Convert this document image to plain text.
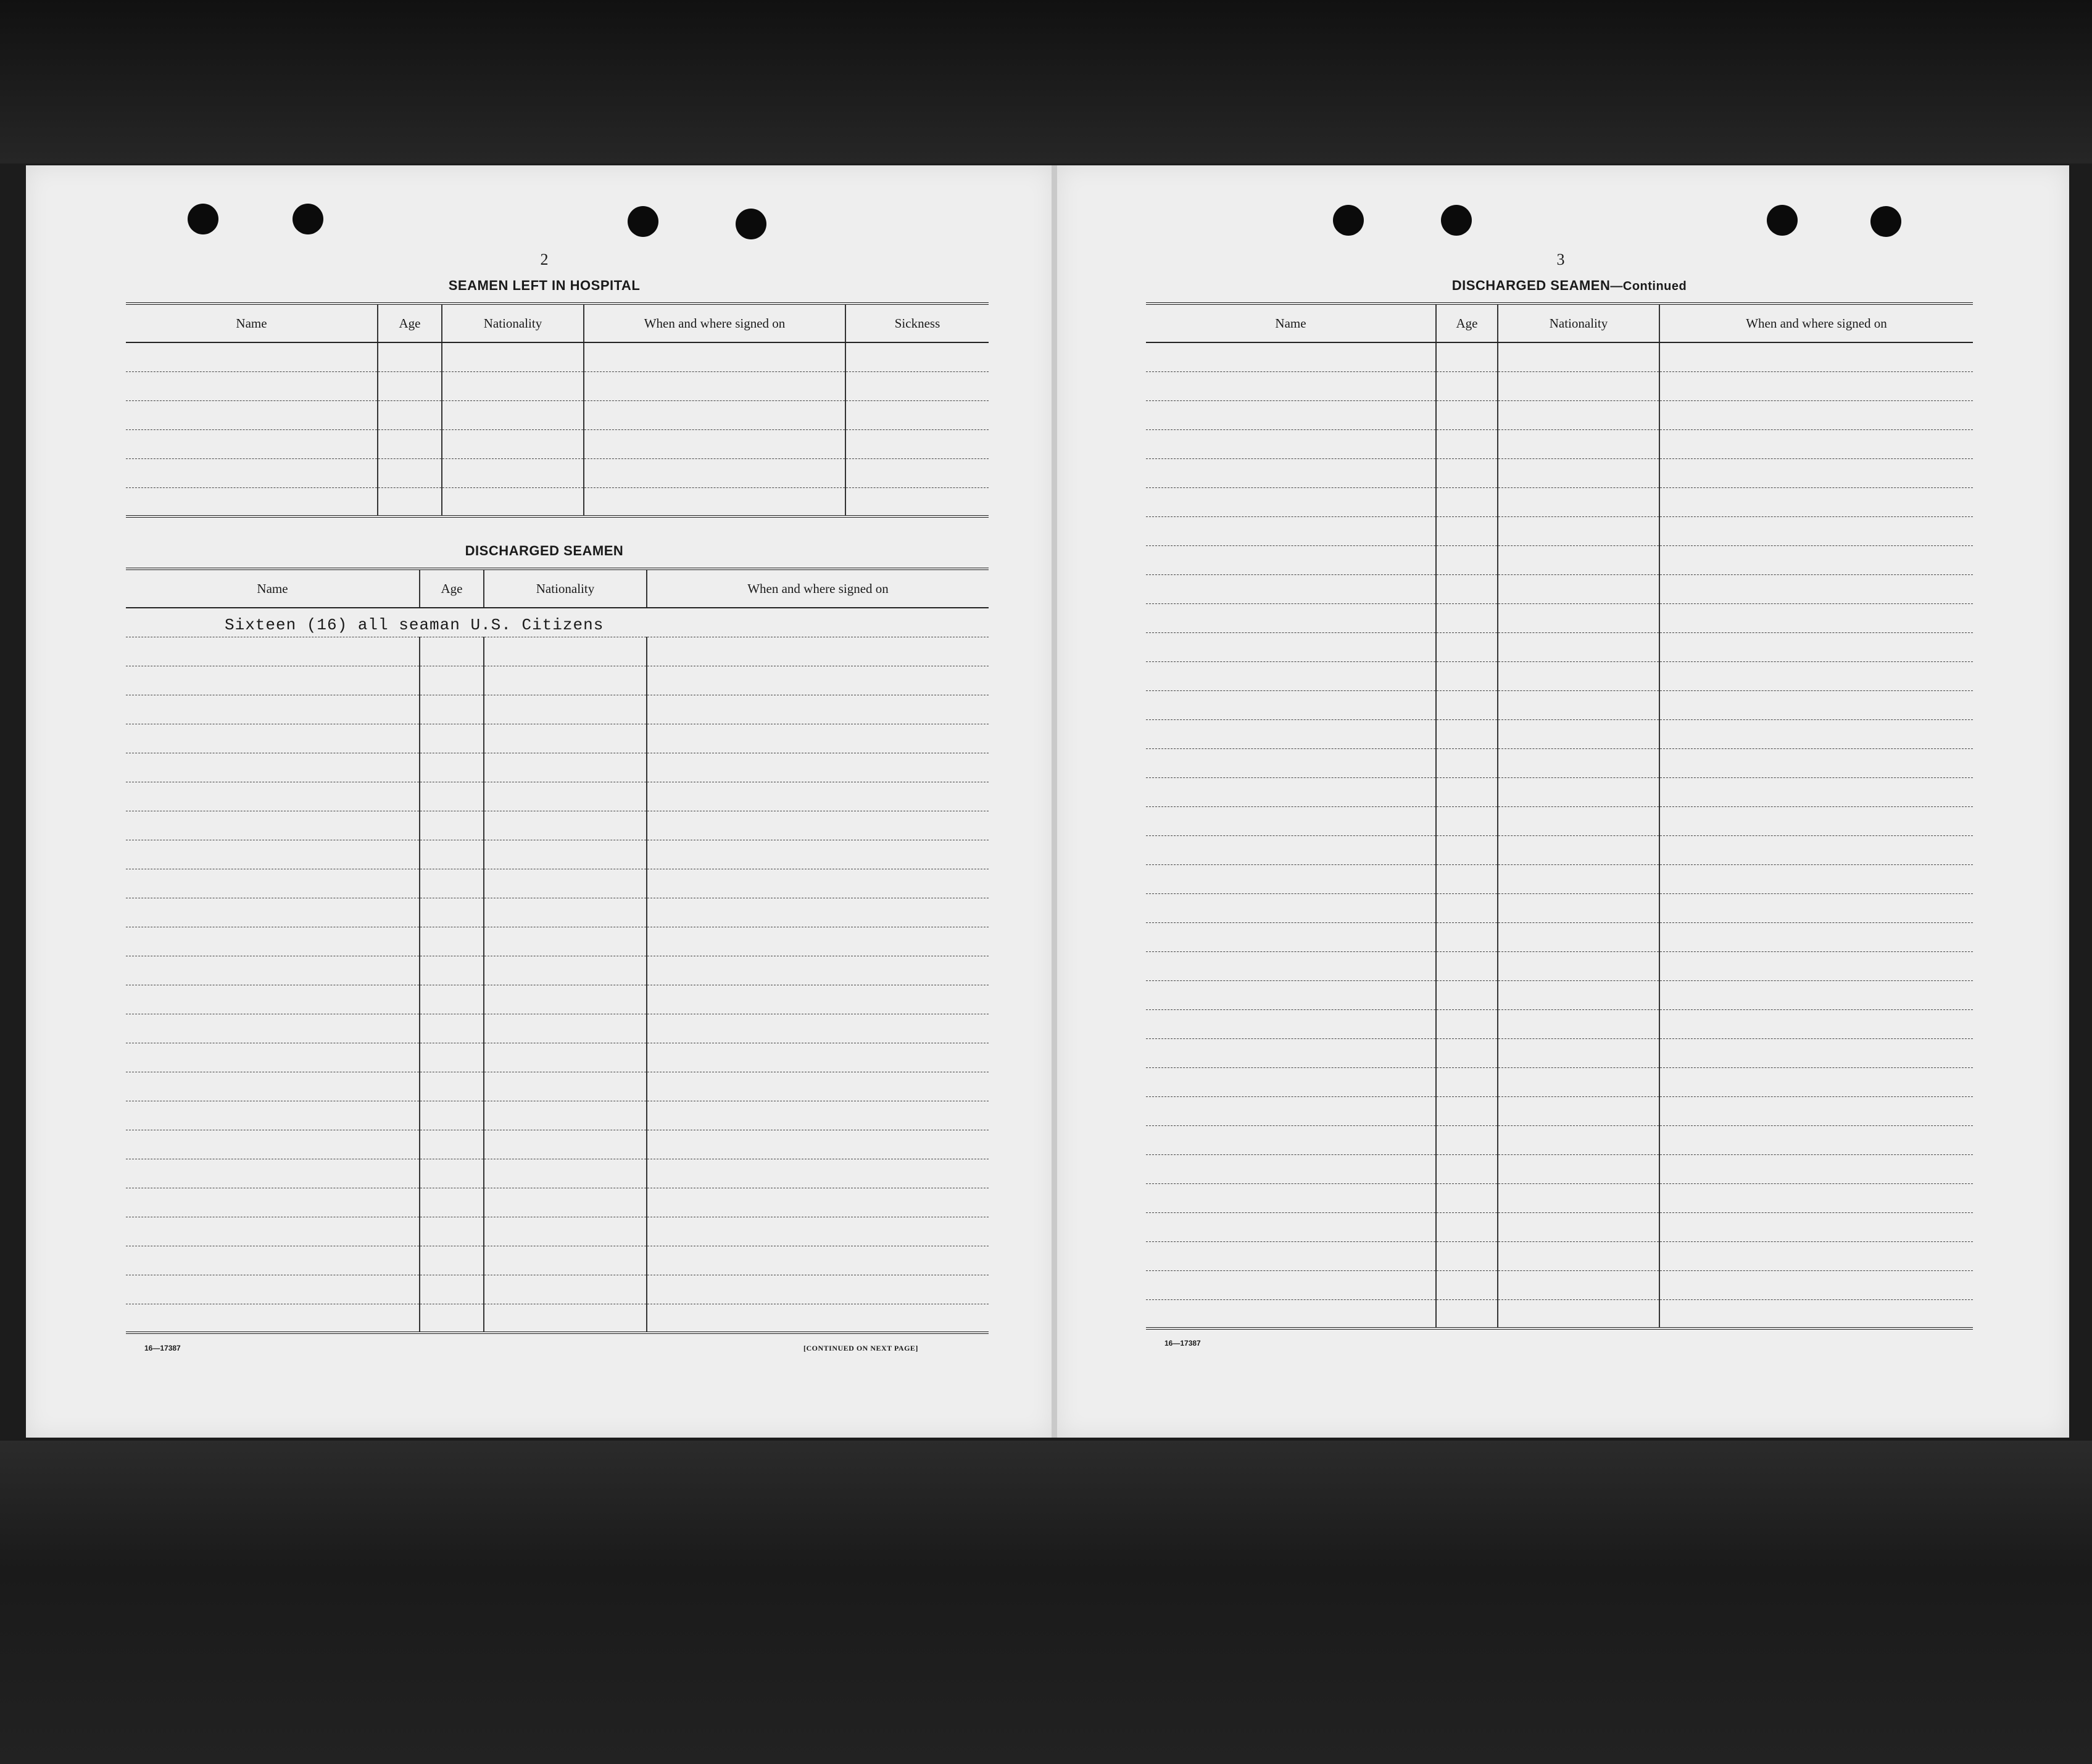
2
SEAMEN LEFT IN HOSPITAL
Name	Age	Nationality	When and where signed on	Sickness

DISCHARGED SEAMEN
Name	Age	Nationality	When and where signed on
Sixteen (16) all seaman U.S. Citizens			

16—17387	[CONTINUED ON NEXT PAGE]
3
DISCHARGED SEAMEN—Continued
Name	Age	Nationality	When and where signed on

16—17387
